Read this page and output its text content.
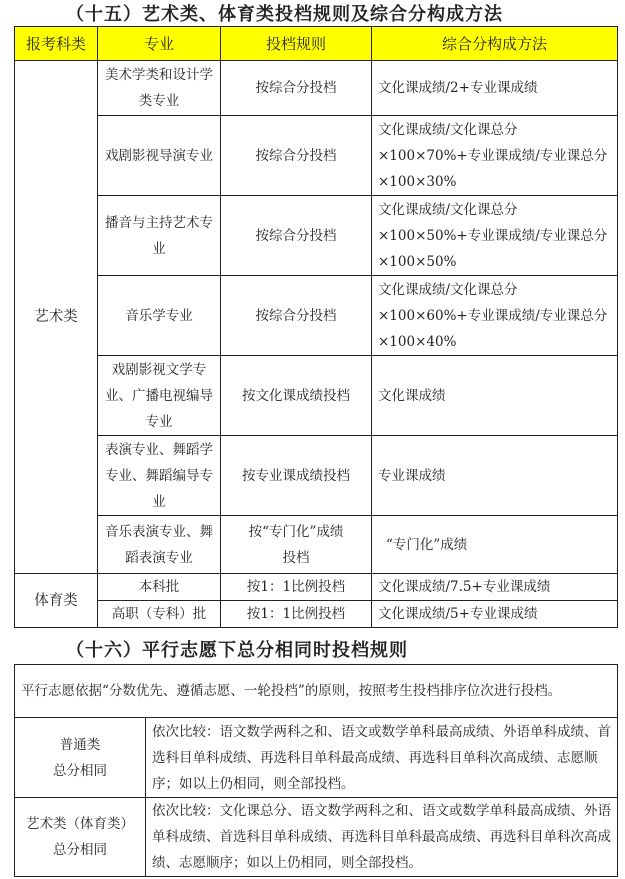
（十五）艺术类、体育类投档规则及综合分构成方法
报考科类	专业	投档规则	综合分构成方法
艺术类	美术学类和设计学类专业	按综合分投档	文化课成绩/2+专业课成绩
	戏剧影视导演专业	按综合分投档	文化课成绩/文化课总分×100×70%+专业课成绩/专业课总分×100×30%
	播音与主持艺术专业	按综合分投档	文化课成绩/文化课总分×100×50%+专业课成绩/专业课总分×100×50%
	音乐学专业	按综合分投档	文化课成绩/文化课总分×100×60%+专业课成绩/专业课总分×100×40%
	戏剧影视文学专业、广播电视编导专业	按文化课成绩投档	文化课成绩
	表演专业、舞蹈学专业、舞蹈编导专业	按专业课成绩投档	专业课成绩
	音乐表演专业、舞蹈表演专业	按“专门化”成绩投档	“专门化”成绩
体育类	本科批	按1：1比例投档	文化课成绩/7.5+专业课成绩
	高职（专科）批	按1：1比例投档	文化课成绩/5+专业课成绩
（十六）平行志愿下总分相同时投档规则
平行志愿依据“分数优先、遵循志愿、一轮投档”的原则，按照考生投档排序位次进行投档。	

普通类
总分相同	依次比较：语文数学两科之和、语文或数学单科最高成绩、外语单科成绩、首选科目单科成绩、再选科目单科最高成绩、再选科目单科次高成绩、志愿顺序；如以上仍相同，则全部投档。

艺术类（体育类）
总分相同	依次比较：文化课总分、语文数学两科之和、语文或数学单科最高成绩、外语单科成绩、首选科目单科成绩、再选科目单科最高成绩、再选科目单科次高成绩、志愿顺序；如以上仍相同，则全部投档。
